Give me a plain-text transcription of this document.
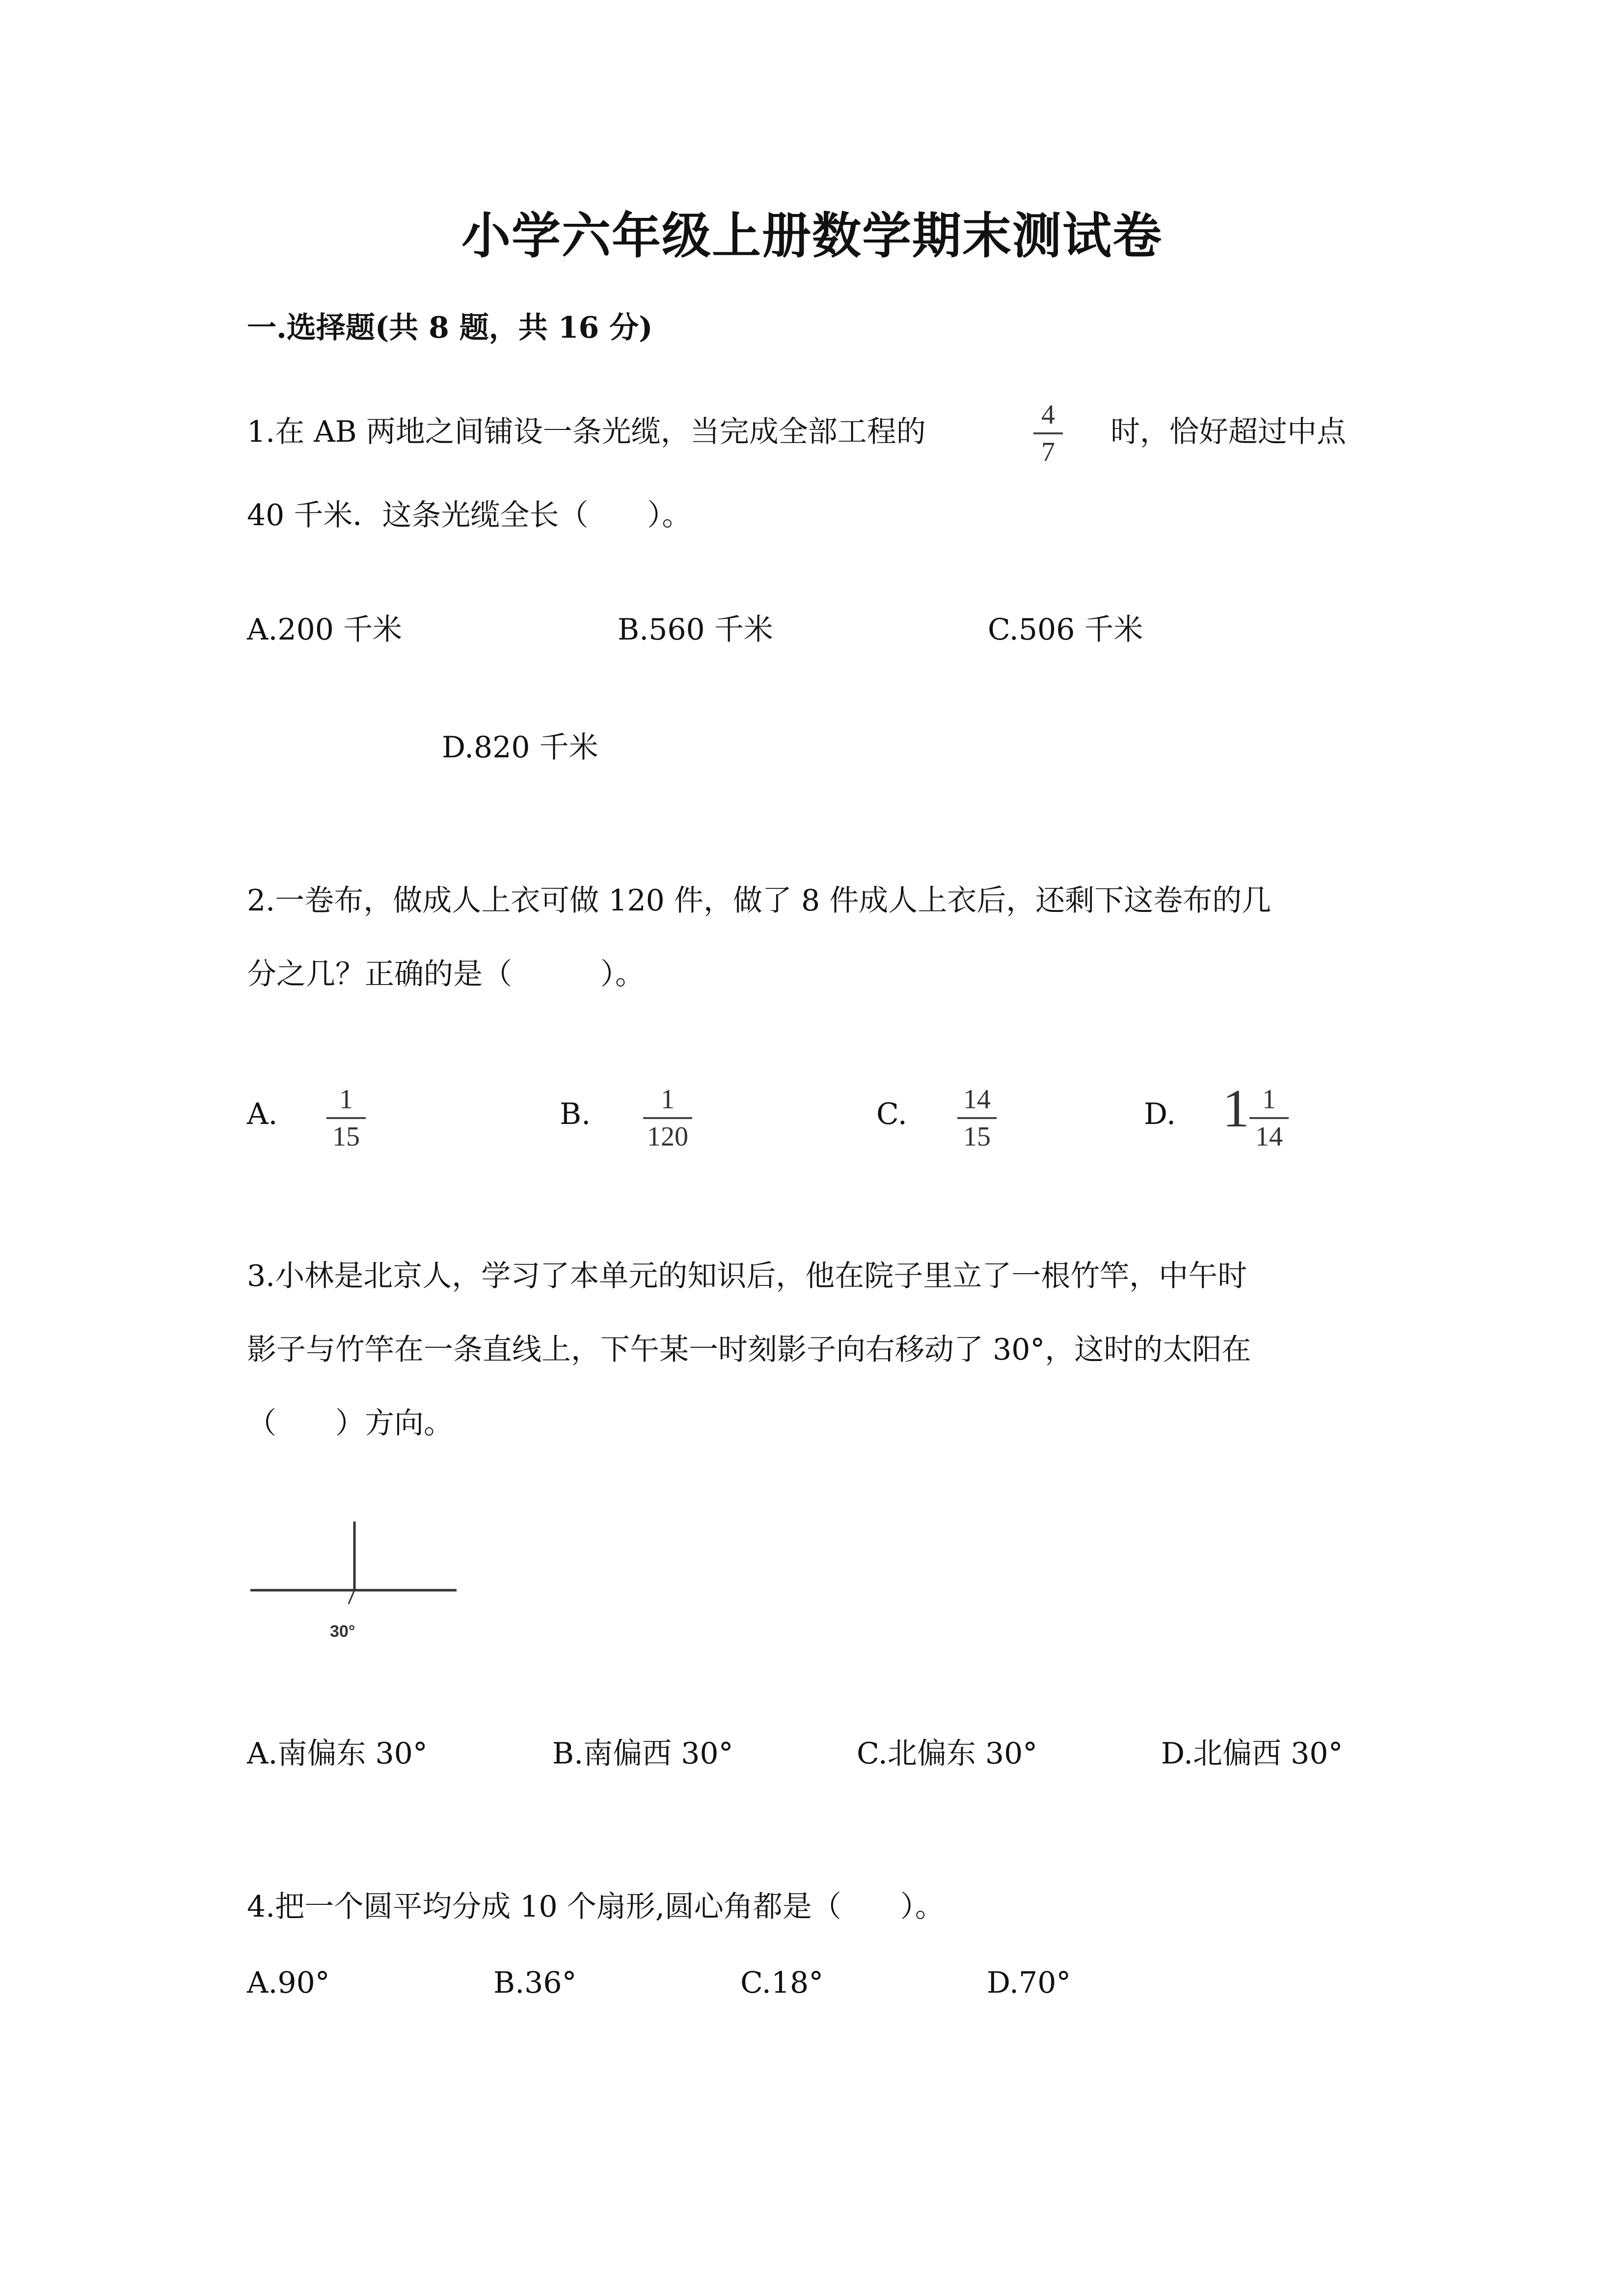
小学六年级上册数学期末测试卷
一.选择题(共 8 题，共 16 分)
1.在 AB 两地之间铺设一条光缆，当完成全部工程的	4
7
时，恰好超过中点
40 千米．这条光缆全长（　　）。
A.200 千米	B.560 千米	C.506 千米
D.820 千米
2.一卷布，做成人上衣可做 120 件，做了 8 件成人上衣后，还剩下这卷布的几
分之几？正确的是（　　　）。
A.	1
15
B.	1
120
C. 14
15
D. 1 1
14
3.小林是北京人，学习了本单元的知识后，他在院子里立了一根竹竿，中午时
影子与竹竿在一条直线上，下午某一时刻影子向右移动了 30°，这时的太阳在
（　　）方向。
30°
A.南偏东 30°	B.南偏西 30°	C.北偏东 30°	D.北偏西 30°
4.把一个圆平均分成 10 个扇形,圆心角都是（　　）。
A.90°	B.36°	C.18°	D.70°
